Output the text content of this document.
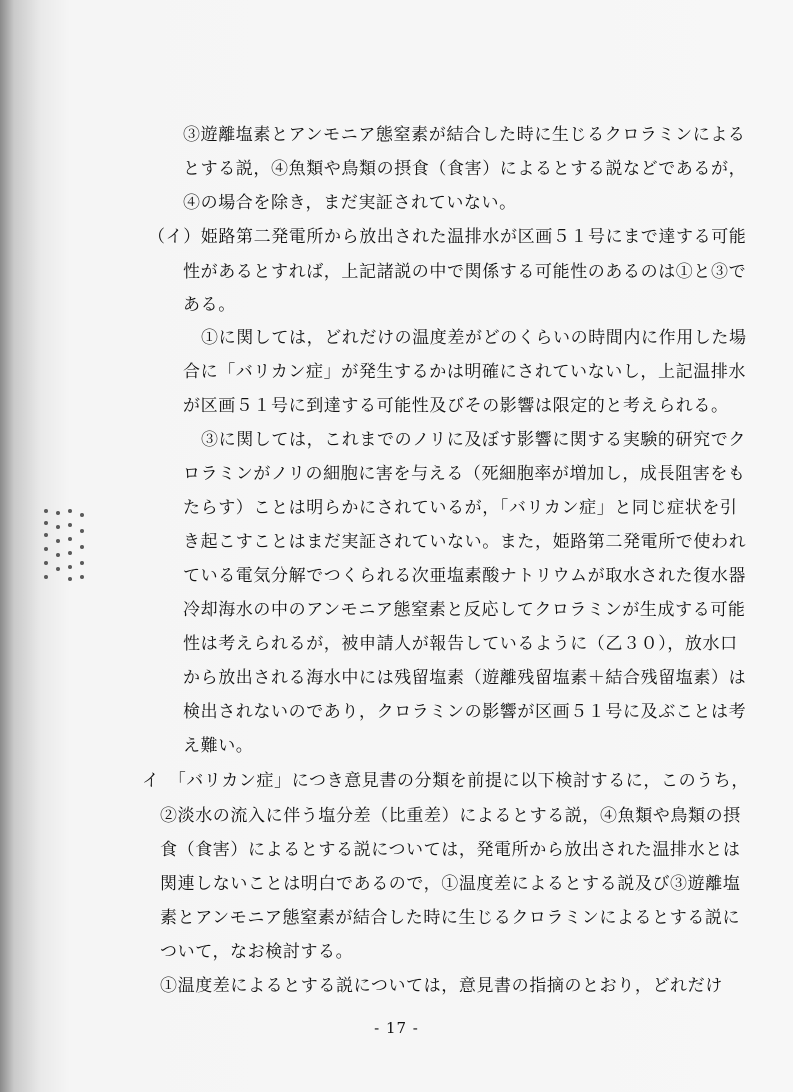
③遊離塩素とアンモニア態窒素が結合した時に生じるクロラミンによる
とする説，④魚類や鳥類の摂食（食害）によるとする説などであるが，
④の場合を除き，まだ実証されていない。
（イ）姫路第二発電所から放出された温排水が区画５１号にまで達する可能
性があるとすれば，上記諸説の中で関係する可能性のあるのは①と③で
ある。
①に関しては，どれだけの温度差がどのくらいの時間内に作用した場
合に「バリカン症」が発生するかは明確にされていないし，上記温排水
が区画５１号に到達する可能性及びその影響は限定的と考えられる。
③に関しては，これまでのノリに及ぼす影響に関する実験的研究でク
ロラミンがノリの細胞に害を与える（死細胞率が増加し，成長阻害をも
たらす）ことは明らかにされているが，「バリカン症」と同じ症状を引
き起こすことはまだ実証されていない。また，姫路第二発電所で使われ
ている電気分解でつくられる次亜塩素酸ナトリウムが取水された復水器
冷却海水の中のアンモニア態窒素と反応してクロラミンが生成する可能
性は考えられるが，被申請人が報告しているように（乙３０），放水口
から放出される海水中には残留塩素（遊離残留塩素＋結合残留塩素）は
検出されないのであり，クロラミンの影響が区画５１号に及ぶことは考
え難い。
イ　「バリカン症」につき意見書の分類を前提に以下検討するに，このうち，
②淡水の流入に伴う塩分差（比重差）によるとする説，④魚類や鳥類の摂
食（食害）によるとする説については，発電所から放出された温排水とは
関連しないことは明白であるので，①温度差によるとする説及び③遊離塩
素とアンモニア態窒素が結合した時に生じるクロラミンによるとする説に
ついて，なお検討する。
①温度差によるとする説については，意見書の指摘のとおり，どれだけ
- 17 -
